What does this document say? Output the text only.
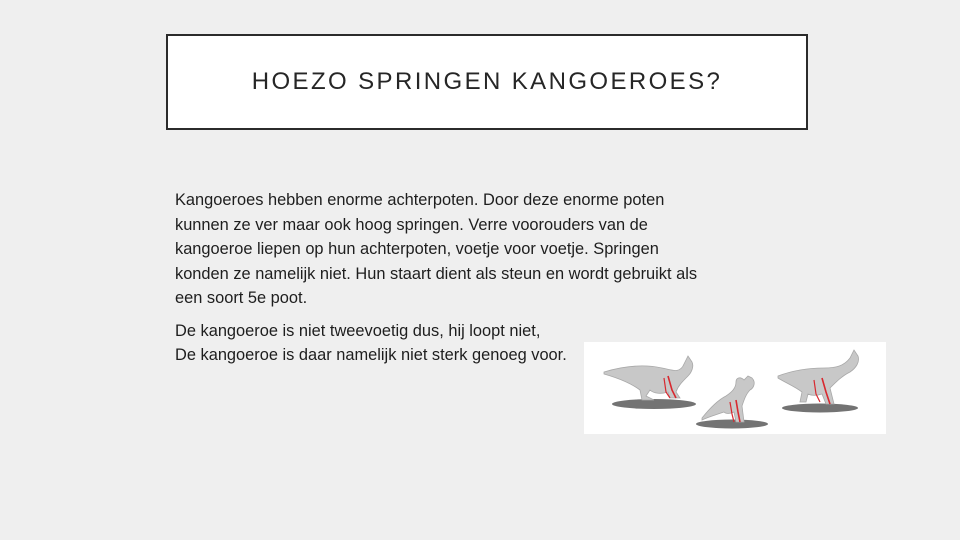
HOEZO SPRINGEN KANGOEROES?

Kangoeroes hebben enorme achterpoten. Door deze enorme poten
kunnen ze ver maar ook hoog springen. Verre voorouders van de
kangoeroe liepen op hun achterpoten, voetje voor voetje. Springen
konden ze namelijk niet. Hun staart dient als steun en wordt gebruikt als
een soort 5e poot.

De kangoeroe is niet tweevoetig dus, hij loopt niet,
De kangoeroe is daar namelijk niet sterk genoeg voor.
